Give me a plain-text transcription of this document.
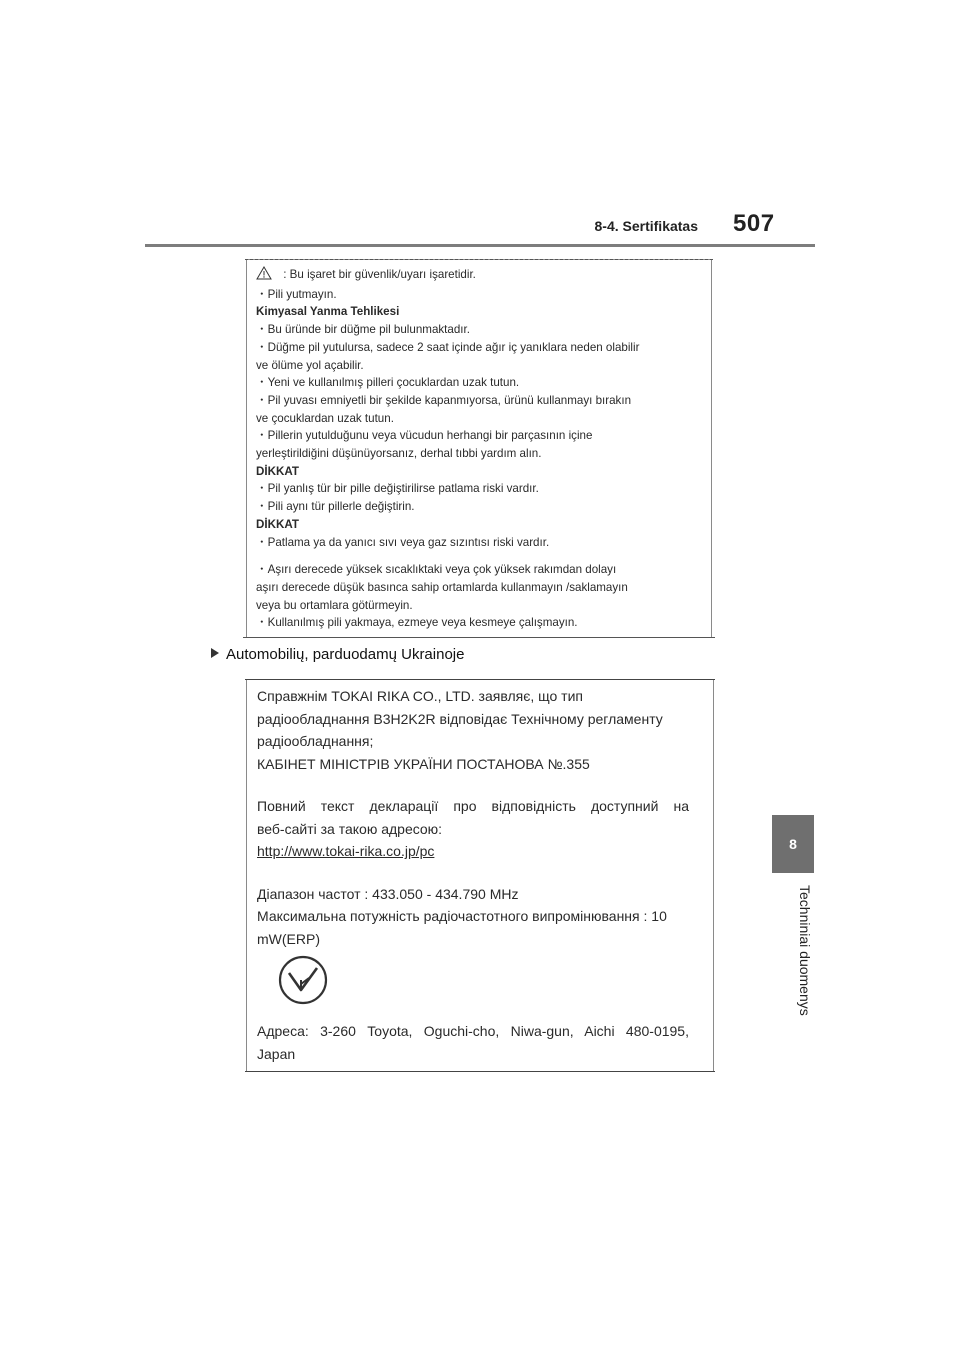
8-4. Sertifikatas 507
8
Techniniai duomenys
: Bu işaret bir güvenlik/uyarı işaretidir.
・Pili yutmayın.
Kimyasal Yanma Tehlikesi
・Bu üründe bir düğme pil bulunmaktadır.
・Düğme pil yutulursa, sadece 2 saat içinde ağır iç yanıklara neden olabilir
ve ölüme yol açabilir.
・Yeni ve kullanılmış pilleri çocuklardan uzak tutun.
・Pil yuvası emniyetli bir şekilde kapanmıyorsa, ürünü kullanmayı bırakın
ve çocuklardan uzak tutun.
・Pillerin yutulduğunu veya vücudun herhangi bir parçasının içine
yerleştirildiğini düşünüyorsanız, derhal tıbbi yardım alın.
DİKKAT
・Pil yanlış tür bir pille değiştirilirse patlama riski vardır.
・Pili aynı tür pillerle değiştirin.
DİKKAT
・Patlama ya da yanıcı sıvı veya gaz sızıntısı riski vardır.
・Aşırı derecede yüksek sıcaklıktaki veya çok yüksek rakımdan dolayı
aşırı derecede düşük basınca sahip ortamlarda kullanmayın /saklamayın
veya bu ortamlara götürmeyin.
・Kullanılmış pili yakmaya, ezmeye veya kesmeye çalışmayın.
Automobilių, parduodamų Ukrainoje
Справжнім TOKAI RIKA CO., LTD. заявляє, що тип
радіообладнання B3H2K2R відповідає Технічному регламенту
радіообладнання;
КАБІНЕТ МІНІСТРІВ УКРАЇНИ ПОСТАНОВА №.355
Повний текст декларації про відповідність доступний на
веб-сайті за такою адресою:
http://www.tokai-rika.co.jp/pc
Діапазон частот : 433.050 - 434.790 MHz
Максимальна потужність радіочастотного випромінювання : 10
mW(ERP)
Адреса: 3-260 Toyota, Oguchi-cho, Niwa-gun, Aichi 480-0195,
Japan
